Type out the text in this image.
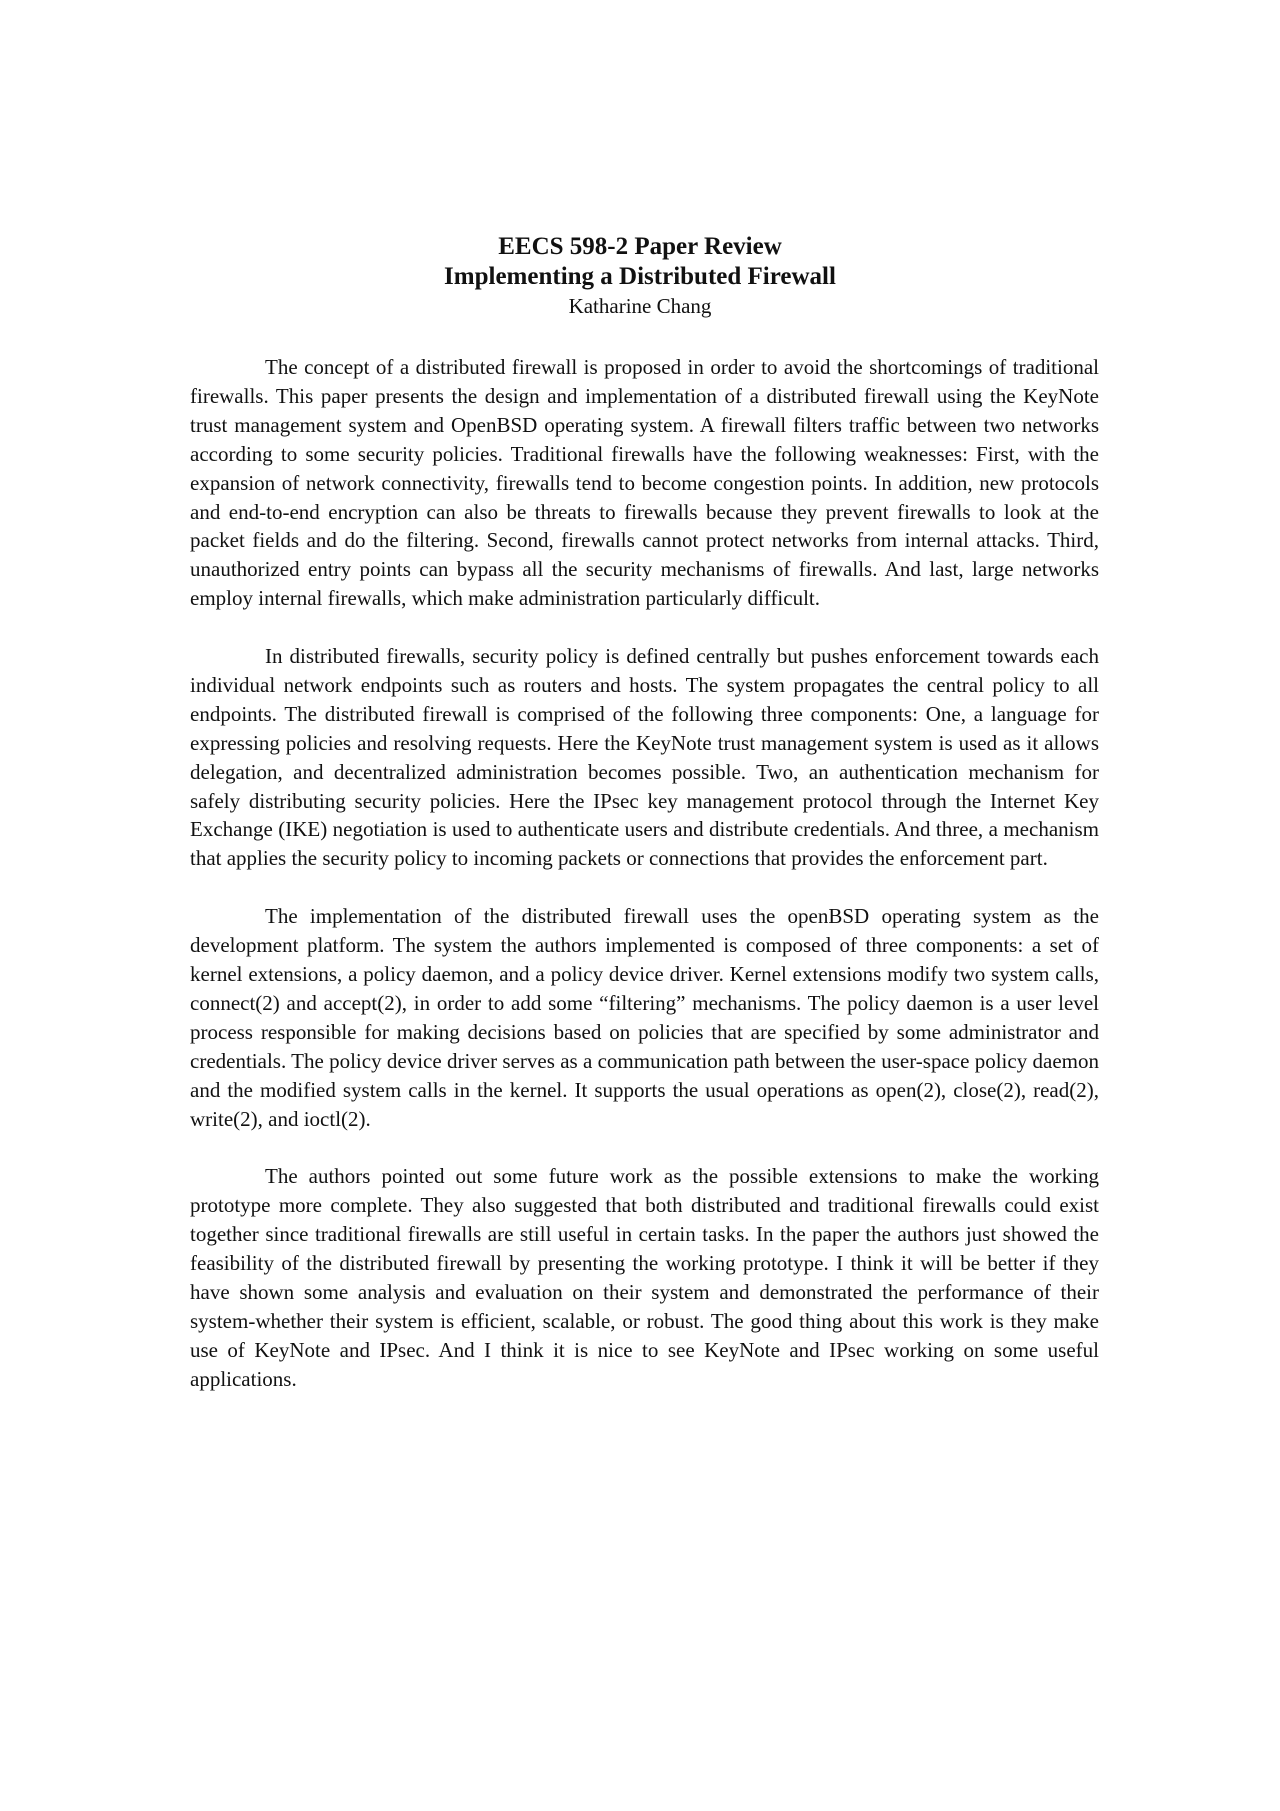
EECS 598-2 Paper Review
Implementing a Distributed Firewall
Katharine Chang

The concept of a distributed firewall is proposed in order to avoid the shortcomings of traditional firewalls. This paper presents the design and implementation of a distributed firewall using the KeyNote trust management system and OpenBSD operating system. A firewall filters traffic between two networks according to some security policies. Traditional firewalls have the following weaknesses: First, with the expansion of network connectivity, firewalls tend to become congestion points. In addition, new protocols and end-to-end encryption can also be threats to firewalls because they prevent firewalls to look at the packet fields and do the filtering. Second, firewalls cannot protect networks from internal attacks. Third, unauthorized entry points can bypass all the security mechanisms of firewalls. And last, large networks employ internal firewalls, which make administration particularly difficult.

In distributed firewalls, security policy is defined centrally but pushes enforcement towards each individual network endpoints such as routers and hosts. The system propagates the central policy to all endpoints. The distributed firewall is comprised of the following three components: One, a language for expressing policies and resolving requests. Here the KeyNote trust management system is used as it allows delegation, and decentralized administration becomes possible. Two, an authentication mechanism for safely distributing security policies. Here the IPsec key management protocol through the Internet Key Exchange (IKE) negotiation is used to authenticate users and distribute credentials. And three, a mechanism that applies the security policy to incoming packets or connections that provides the enforcement part.

The implementation of the distributed firewall uses the openBSD operating system as the development platform. The system the authors implemented is composed of three components: a set of kernel extensions, a policy daemon, and a policy device driver. Kernel extensions modify two system calls, connect(2) and accept(2), in order to add some “filtering” mechanisms. The policy daemon is a user level process responsible for making decisions based on policies that are specified by some administrator and credentials. The policy device driver serves as a communication path between the user-space policy daemon and the modified system calls in the kernel. It supports the usual operations as open(2), close(2), read(2), write(2), and ioctl(2).

The authors pointed out some future work as the possible extensions to make the working prototype more complete. They also suggested that both distributed and traditional firewalls could exist together since traditional firewalls are still useful in certain tasks. In the paper the authors just showed the feasibility of the distributed firewall by presenting the working prototype. I think it will be better if they have shown some analysis and evaluation on their system and demonstrated the performance of their system-whether their system is efficient, scalable, or robust. The good thing about this work is they make use of KeyNote and IPsec. And I think it is nice to see KeyNote and IPsec working on some useful applications.
